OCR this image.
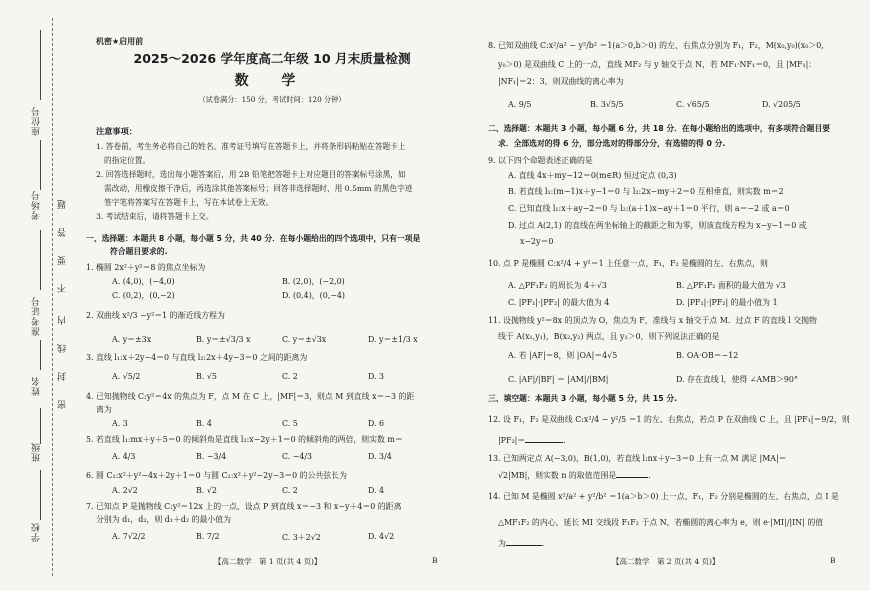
座位号
考场号
准考证号
姓名
班级
学校
题
答
要
不
内
线
封
密
机密★启用前
2025～2026 学年度高二年级 10 月末质量检测
数 学
（试卷满分：150 分，考试时间：120 分钟）
注意事项：
1. 答卷前，考生务必将自己的姓名、准考证号填写在答题卡上，并将条形码粘贴在答题卡上
的指定位置。
2. 回答选择题时，选出每小题答案后，用 2B 铅笔把答题卡上对应题目的答案标号涂黑，如
需改动，用橡皮擦干净后，再选涂其他答案标号；回答非选择题时，用 0.5mm 的黑色字迹
签字笔将答案写在答题卡上，写在本试卷上无效。
3. 考试结束后，请将答题卡上交。
一、选择题：本题共 8 小题，每小题 5 分，共 40 分．在每小题给出的四个选项中，只有一项是
符合题目要求的.
1. 椭圆 2x²＋y²＝8 的焦点坐标为
A. (4,0)，(−4,0)	B. (2,0)，(−2,0)
C. (0,2)，(0,−2)	D. (0,4)，(0,−4)
2. 双曲线 x²/3 −y²＝1 的渐近线方程为
A. y＝±3x	B. y＝±√3/3 x	C. y＝±√3x	D. y＝±1/3 x
3. 直线 l₁:x＋2y−4＝0 与直线 l₂:2x＋4y−3＝0 之间的距离为
A. √5/2	B. √5	C. 2	D. 3
4. 已知抛物线 C:y²＝4x 的焦点为 F，点 M 在 C 上，|MF|＝3，则点 M 到直线 x＝−3 的距
离为
A. 3	B. 4	C. 5	D. 6
5. 若直线 l₁:mx＋y＋5＝0 的倾斜角是直线 l₂:x−2y＋1＝0 的倾斜角的两倍，则实数 m＝
A. 4/3	B. −3/4	C. −4/3	D. 3/4
6. 圆 C₁:x²＋y²−4x＋2y＋1＝0 与圆 C₂:x²＋y²−2y−3＝0 的公共弦长为
A. 2√2	B. √2	C. 2	D. 4
7. 已知点 P 是抛物线 C:y²＝12x 上的一点，设点 P 到直线 x＝−3 和 x−y＋4＝0 的距离
分别为 d₁，d₂，则 d₁＋d₂ 的最小值为
A. 7√2/2	B. 7/2	C. 3＋2√2	D. 4√2
【高二数学　第 1 页(共 4 页)】	B
8. 已知双曲线 C:x²/a² − y²/b² ＝1(a＞0,b＞0) 的左、右焦点分别为 F₁，F₂，M(x₀,y₀)(x₀＞0,
y₀＞0) 是双曲线 C 上的一点，直线 MF₂ 与 y 轴交于点 N，若 MF₁·NF₁＝0，且 |MF₁|：
|NF₁|＝2：3，则双曲线的离心率为
A. 9/5	B. 3√5/5	C. √65/5	D. √205/5
二、选择题：本题共 3 小题，每小题 6 分，共 18 分．在每小题给出的选项中，有多项符合题目要
求．全部选对的得 6 分，部分选对的得部分分，有选错的得 0 分.
9. 以下四个命题表述正确的是
A. 直线 4x＋my−12＝0(m∈R) 恒过定点 (0,3)
B. 若直线 l₁:(m−1)x＋y−1＝0 与 l₂:2x−my＋2＝0 互相垂直，则实数 m＝2
C. 已知直线 l₁:x＋ay−2＝0 与 l₂:(a＋1)x−ay＋1＝0 平行，则 a＝−2 或 a＝0
D. 过点 A(2,1) 的直线在两坐标轴上的截距之和为零，则该直线方程为 x−y−1＝0 或
x−2y＝0
10. 点 P 是椭圆 C:x²/4 + y²＝1 上任意一点，F₁，F₂ 是椭圆的左、右焦点，则
A. △PF₁F₂ 的周长为 4＋√3	B. △PF₁F₂ 面积的最大值为 √3
C. |PF₁|·|PF₂| 的最大值为 4	D. |PF₁|·|PF₂| 的最小值为 1
11. 设抛物线 y²＝8x 的顶点为 O，焦点为 F，准线与 x 轴交于点 M．过点 F 的直线 l 交抛物
线于 A(x₁,y₁)，B(x₂,y₂) 两点，且 y₁＞0，则下列说法正确的是
A. 若 |AF|＝8，则 |OA|＝4√5	B. OA·OB＝−12
C. |AF|/|BF| ＝ |AM|/|BM|	D. 存在直线 l，使得 ∠AMB＞90°
三、填空题：本题共 3 小题，每小题 5 分，共 15 分.
12. 设 F₁，F₂ 是双曲线 C:x²/4 − y²/5 ＝1 的左、右焦点，若点 P 在双曲线 C 上，且 |PF₁|＝9/2，则
|PF₂|＝	.
13. 已知两定点 A(−3,0)，B(1,0)，若直线 l:nx＋y−3＝0 上有一点 M 满足 |MA|＝
√2|MB|，则实数 n 的取值范围是	.
14. 已知 M 是椭圆 x²/a² + y²/b² ＝1(a＞b＞0) 上一点，F₁，F₂ 分别是椭圆的左、右焦点，点 I 是
△MF₁F₂ 的内心，延长 MI 交线段 F₁F₂ 于点 N，若椭圆的离心率为 e，则 e·|MI|/|IN| 的值
为	.
【高二数学　第 2 页(共 4 页)】	B
